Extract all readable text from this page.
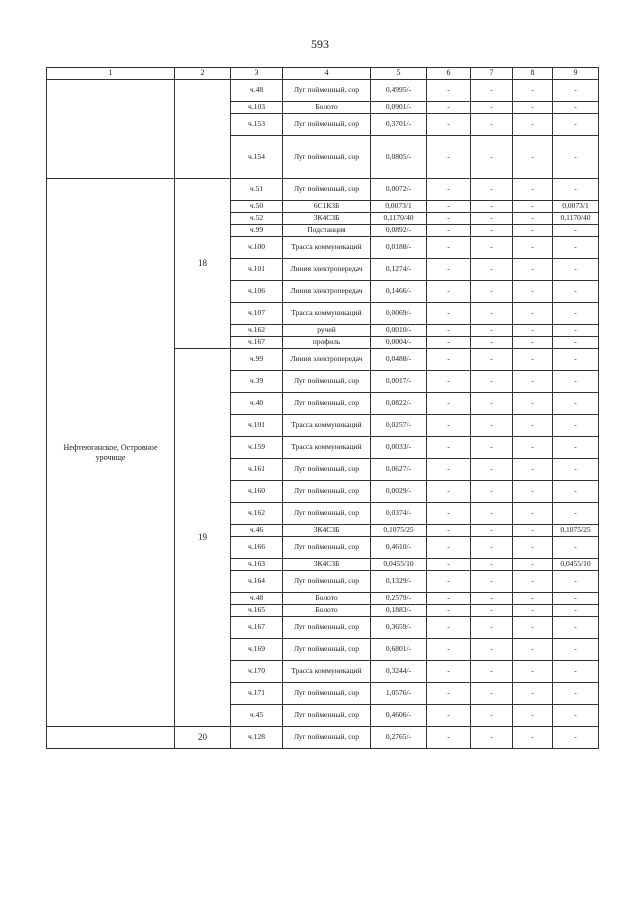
593
1	2	3	4	5	6	7	8	9
		ч.48	Луг пойменный, сор	0,4995/-	-	-	-	-
		ч.103	Болото	0,0901/-	-	-	-	-
		ч.153	Луг пойменный, сор	0,3701/-	-	-	-	-
		ч.154	Луг пойменный, сор	0,0805/-	-	-	-	-
Нефтеюганское, Островное урочище	18	ч.51	Луг пойменный, сор	0,0072/-	-	-	-	-
		ч.50	6С1К3Б	0,0073/1	-	-	-	0,0073/1
		ч.52	3К4С3Б	0,1170/40	-	-	-	0,1170/40
		ч.99	Подстанция	0,0892/-	-	-	-	-
		ч.100	Трасса коммуникаций	0,0188/-	-	-	-	-
		ч.101	Линия электропередач	0,1274/-	-	-	-	-
		ч.106	Линия электропередач	0,1466/-	-	-	-	-
		ч.107	Трасса коммуникаций	0,0069/-	-	-	-	-
		ч.162	ручей	0,0010/-	-	-	-	-
		ч.167	профиль	0,0004/-	-	-	-	-
	19	ч.99	Линия электропередач	0,0488/-	-	-	-	-
		ч.39	Луг пойменный, сор	0,0017/-	-	-	-	-
		ч.40	Луг пойменный, сор	0,0822/-	-	-	-	-
		ч.101	Трасса коммуникаций	0,0257/-	-	-	-	-
		ч.159	Трасса коммуникаций	0,0033/-	-	-	-	-
		ч.161	Луг пойменный, сор	0,0627/-	-	-	-	-
		ч.160	Луг пойменный, сор	0,0029/-	-	-	-	-
		ч.162	Луг пойменный, сор	0,0374/-	-	-	-	-
		ч.46	3К4С3Б	0,1075/25	-	-	-	0,1075/25
		ч.166	Луг пойменный, сор	0,4610/-	-	-	-	-
		ч.163	3К4С3Б	0,0455/10	-	-	-	0,0455/10
		ч.164	Луг пойменный, сор	0,1329/-	-	-	-	-
		ч.48	Болото	0,2579/-	-	-	-	-
		ч.165	Болото	0,1883/-	-	-	-	-
		ч.167	Луг пойменный, сор	0,3659/-	-	-	-	-
		ч.169	Луг пойменный, сор	0,6801/-	-	-	-	-
		ч.170	Трасса коммуникаций	0,3244/-	-	-	-	-
		ч.171	Луг пойменный, сор	1,0576/-	-	-	-	-
		ч.45	Луг пойменный, сор	0,4606/-	-	-	-	-
	20	ч.128	Луг пойменный, сор	0,2765/-	-	-	-	-
